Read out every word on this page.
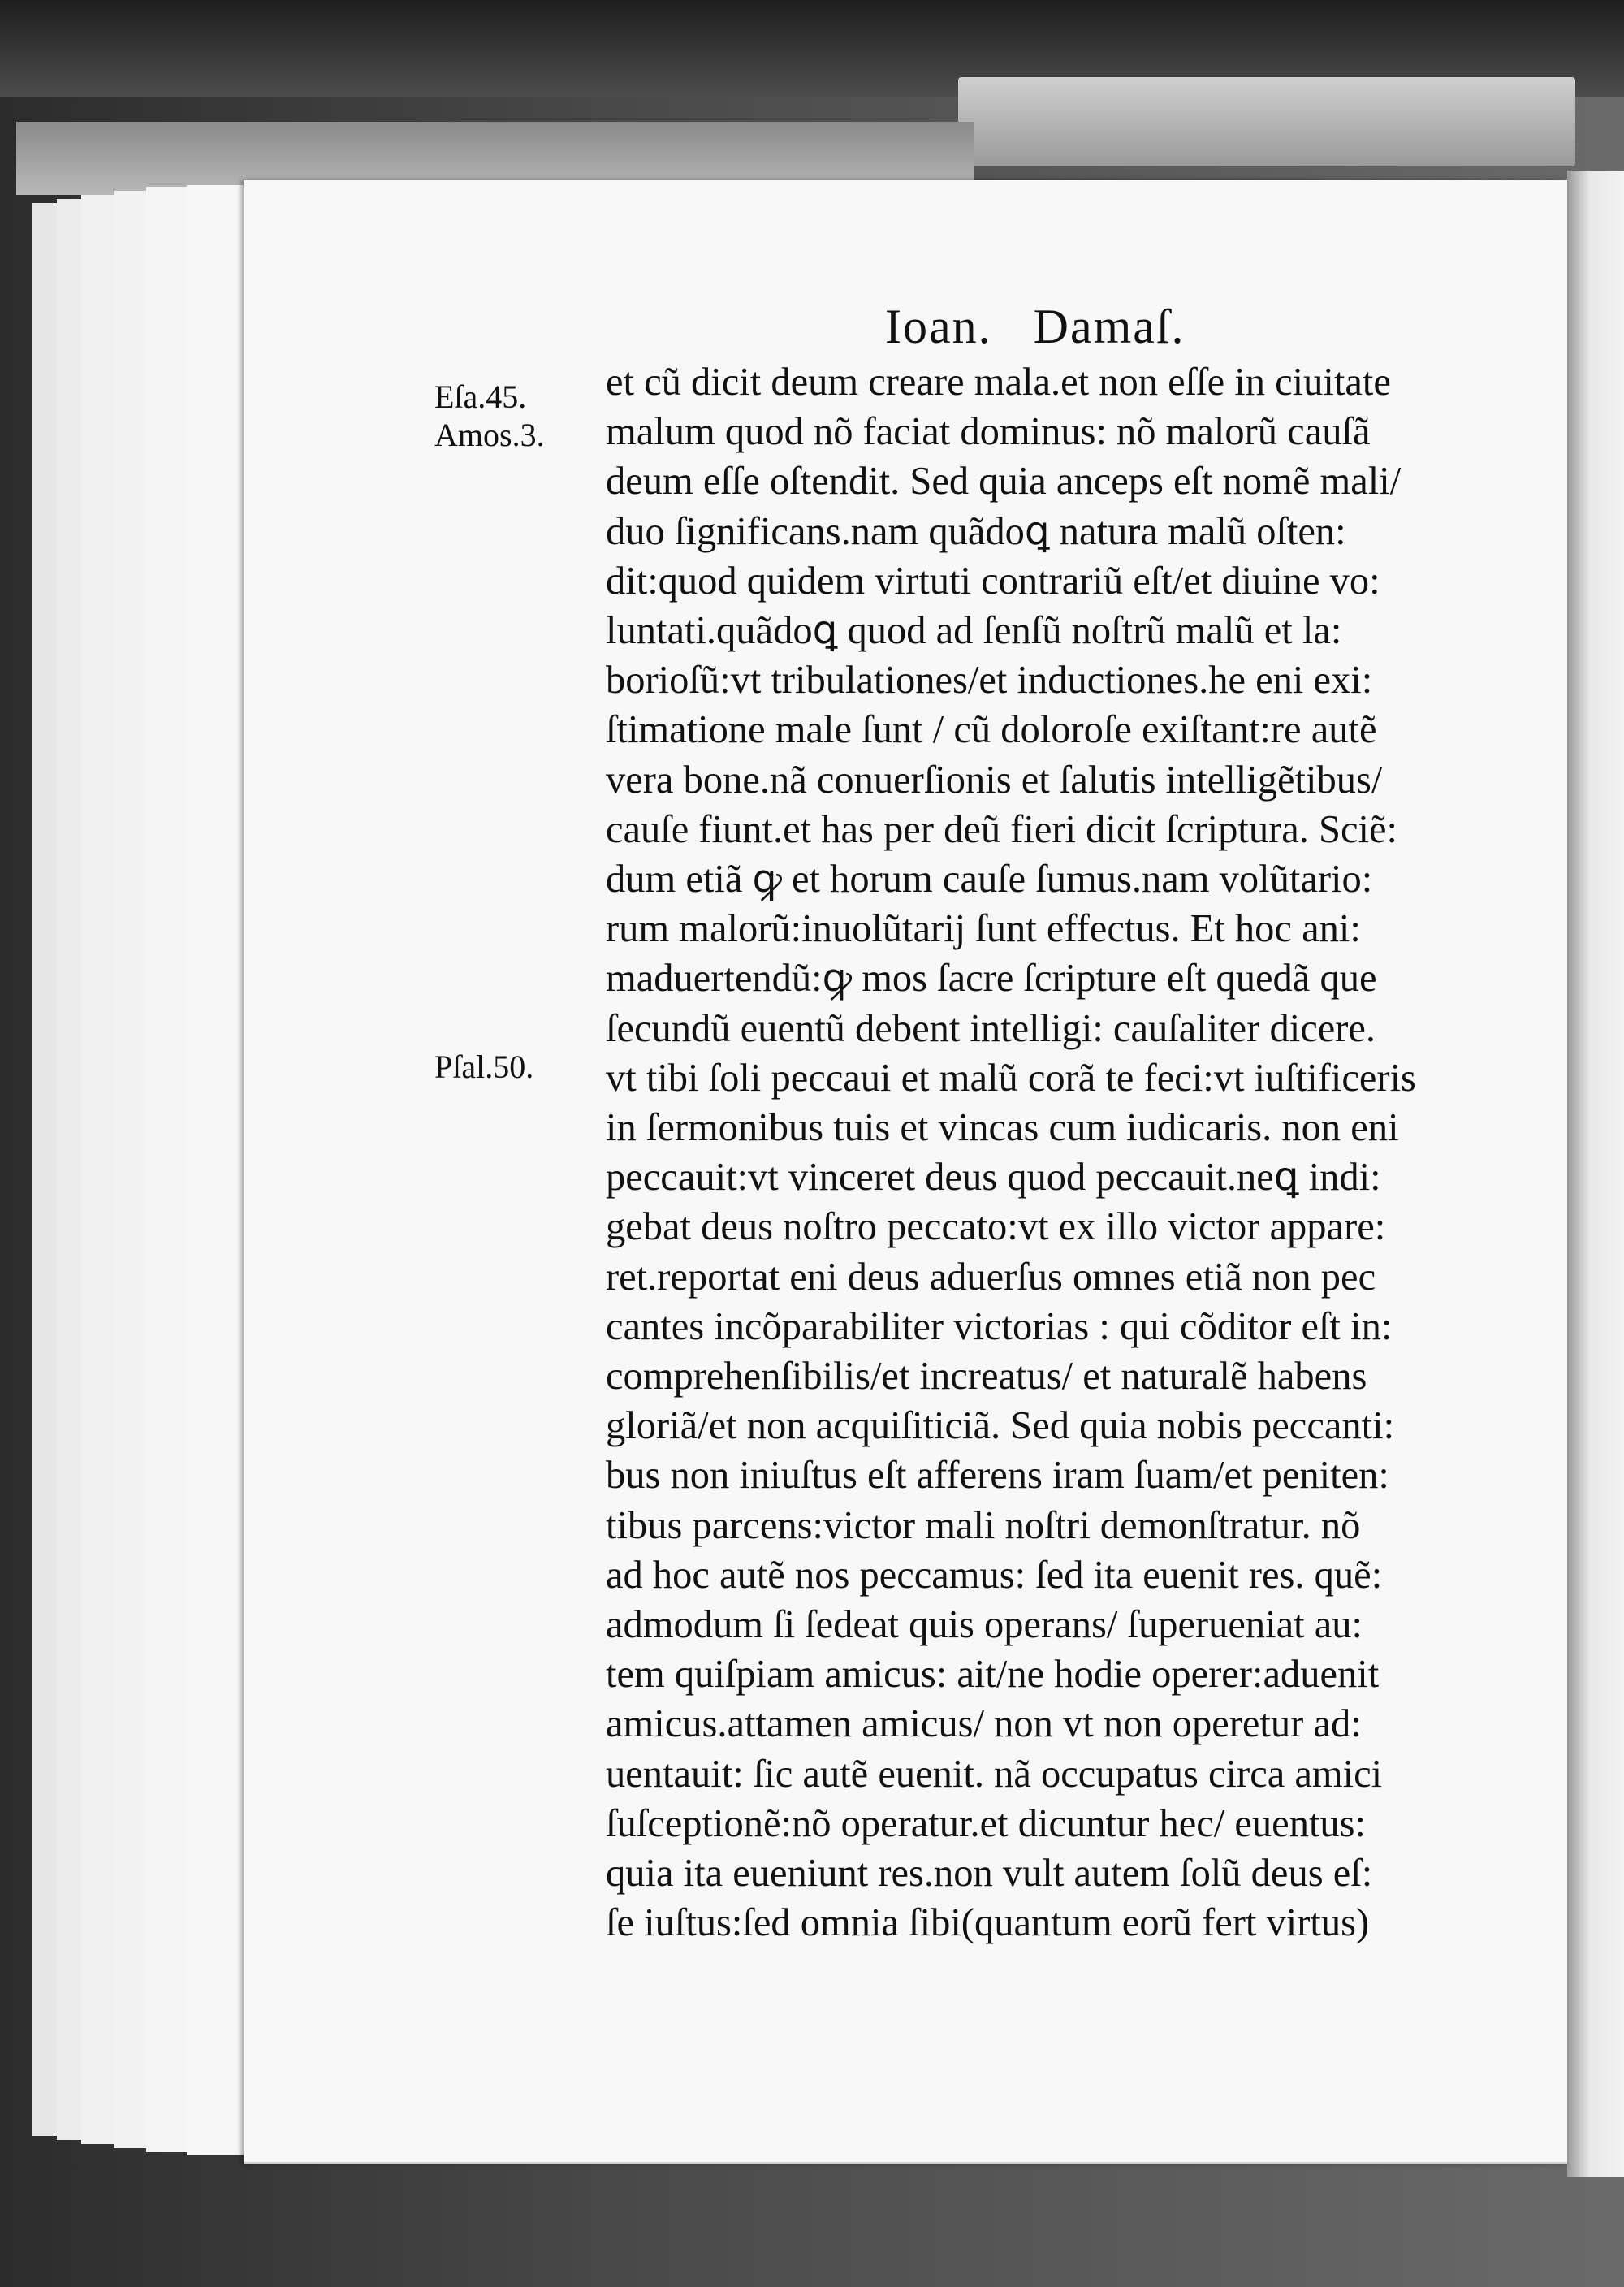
Ioan.   Damaſ.
Eſa.45.
Amos.3.
Pſal.50.
et cũ dicit deum creare mala.et non eſſe in ciuitate
malum quod nõ faciat dominus: nõ malorũ cauſã
deum eſſe oſtendit. Sed quia anceps eſt nomẽ mali/
duo ſignificans.nam quãdoꝗ natura malũ oſten:
dit:quod quidem virtuti contrariũ eſt/et diuine vo:
luntati.quãdoꝗ quod ad ſenſũ noſtrũ malũ et la:
borioſũ:vt tribulationes/et inductiones.he eni exi:
ſtimatione male ſunt / cũ doloroſe exiſtant:re autẽ
vera bone.nã conuerſionis et ſalutis intelligẽtibus/
cauſe fiunt.et has per deũ fieri dicit ſcriptura. Sciẽ:
dum etiã ꝙ et horum cauſe ſumus.nam volũtario:
rum malorũ:inuolũtarij ſunt effectus. Et hoc ani:
maduertendũ:ꝙ mos ſacre ſcripture eſt quedã que
ſecundũ euentũ debent intelligi: cauſaliter dicere.
vt tibi ſoli peccaui et malũ corã te feci:vt iuſtificeris
in ſermonibus tuis et vincas cum iudicaris. non eni
peccauit:vt vinceret deus quod peccauit.neꝗ indi:
gebat deus noſtro peccato:vt ex illo victor appare:
ret.reportat eni deus aduerſus omnes etiã non pec
cantes incõparabiliter victorias : qui cõditor eſt in:
comprehenſibilis/et increatus/ et naturalẽ habens
gloriã/et non acquiſiticiã. Sed quia nobis peccanti:
bus non iniuſtus eſt afferens iram ſuam/et peniten:
tibus parcens:victor mali noſtri demonſtratur. nõ
ad hoc autẽ nos peccamus: ſed ita euenit res. quẽ:
admodum ſi ſedeat quis operans/ ſuperueniat au:
tem quiſpiam amicus: ait/ne hodie operer:aduenit
amicus.attamen amicus/ non vt non operetur ad:
uentauit: ſic autẽ euenit. nã occupatus circa amici
ſuſceptionẽ:nõ operatur.et dicuntur hec/ euentus:
quia ita eueniunt res.non vult autem ſolũ deus eſ:
ſe iuſtus:ſed omnia ſibi(quantum eorũ fert virtus)
